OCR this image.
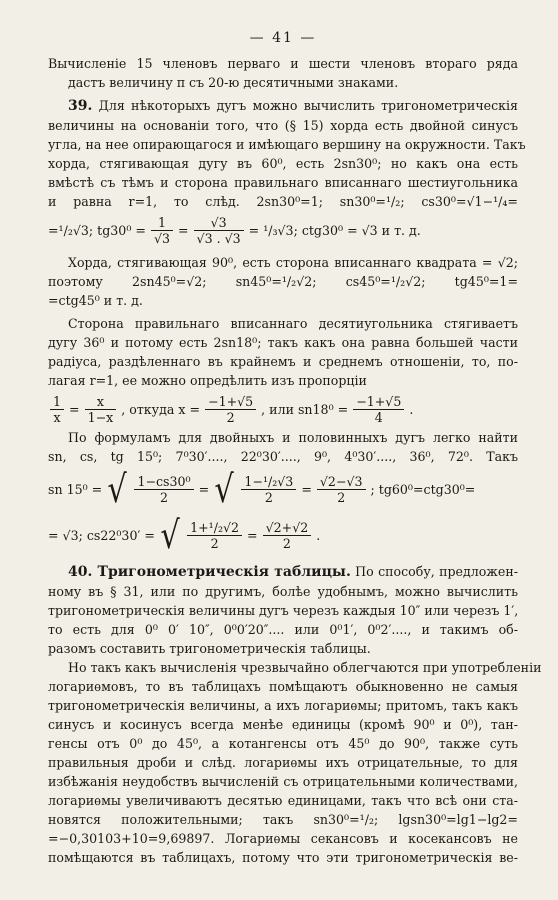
— 41 —
Вычисленіе 15 членовъ перваго и шести членовъ втораго ряда
дастъ величину π съ 20-ю десятичными знаками.
39. Для нѣкоторыхъ дугъ можно вычислить тригонометрическія
величины на основаніи того, что (§ 15) хорда есть двойной синусъ
угла, на нее опирающагося и имѣющаго вершину на окружности. Такъ
хорда, стягивающая дугу въ 60⁰, есть 2sn30⁰; но какъ она есть
вмѣстѣ съ тѣмъ и сторона правильнаго вписаннаго шестиугольника
и равна r=1, то слѣд. 2sn30⁰=1; sn30⁰=¹/₂; cs30⁰=√1−¹/₄=
=¹/₂√3; $tg30^0 = \frac{1}{√3} = \frac{√3}{√3 . √3} = ^1/_3√3$; ctg30⁰ = √3 и т. д.
Хорда, стягивающая 90⁰, есть сторона вписаннаго квадрата = √2;
поэтому 2sn45⁰=√2; sn45⁰=¹/₂√2; cs45⁰=¹/₂√2; tg45⁰=1=
=ctg45⁰ и т. д.
Сторона правильнаго вписаннаго десятиугольника стягиваетъ
дугу 36⁰ и потому есть 2sn18⁰; такъ какъ она равна большей части
радіуса, раздѣленнаго въ крайнемъ и среднемъ отношеніи, то, по-
лагая r=1, ее можно опредѣлить изъ пропорціи
$\frac{1}{x} = \frac{x}{1-x}$ , откуда $x = \frac{-1+√5}{2}$ , или $sn18^0 = \frac{-1+√5}{4}$ .
По формуламъ для двойныхъ и половинныхъ дугъ легко найти
sn, cs, tg 15⁰; 7⁰30′...., 22⁰30′...., 9⁰, 4⁰30′...., 36⁰, 72⁰. Такъ
sn 15⁰ = √ $\frac{\text{1−cs30⁰}}{2}$ = √ $\frac{\text{1−¹/₂√3}}{2} = \frac{√2-√3}{2}$ ; tg60⁰=ctg30⁰=
= √3; cs22⁰30′ = √ $\frac{\text{1+¹/₂√2}}{2} = \frac{√2+√2}{2}$ .
40. Тригонометрическія таблицы. По способу, предложен-
ному въ § 31, или по другимъ, болѣе удобнымъ, можно вычислить
тригонометрическія величины дугъ черезъ каждыя 10″ или черезъ 1′,
то есть для 0⁰ 0′ 10″, 0⁰0′20″.... или 0⁰1′, 0⁰2′...., и такимъ об-
разомъ составить тригонометрическія таблицы.
Но такъ какъ вычисленія чрезвычайно облегчаются при употребленіи
логариѳмовъ, то въ таблицахъ помѣщаютъ обыкновенно не самыя
тригонометрическія величины, а ихъ логариѳмы; притомъ, такъ какъ
синусъ и косинусъ всегда менѣе единицы (кромѣ 90⁰ и 0⁰), тан-
генсы отъ 0⁰ до 45⁰, а котангенсы отъ 45⁰ до 90⁰, также суть
правильныя дроби и слѣд. логариѳмы ихъ отрицательные, то для
избѣжанія неудобствъ вычисленій съ отрицательными количествами,
логариѳмы увеличиваютъ десятью единицами, такъ что всѣ они ста-
новятся положительными; такъ sn30⁰=¹/₂; lgsn30⁰=lg1−lg2=
=−0,30103+10=9,69897. Логариѳмы секансовъ и косекансовъ не
помѣщаются въ таблицахъ, потому что эти тригонометрическія ве-
